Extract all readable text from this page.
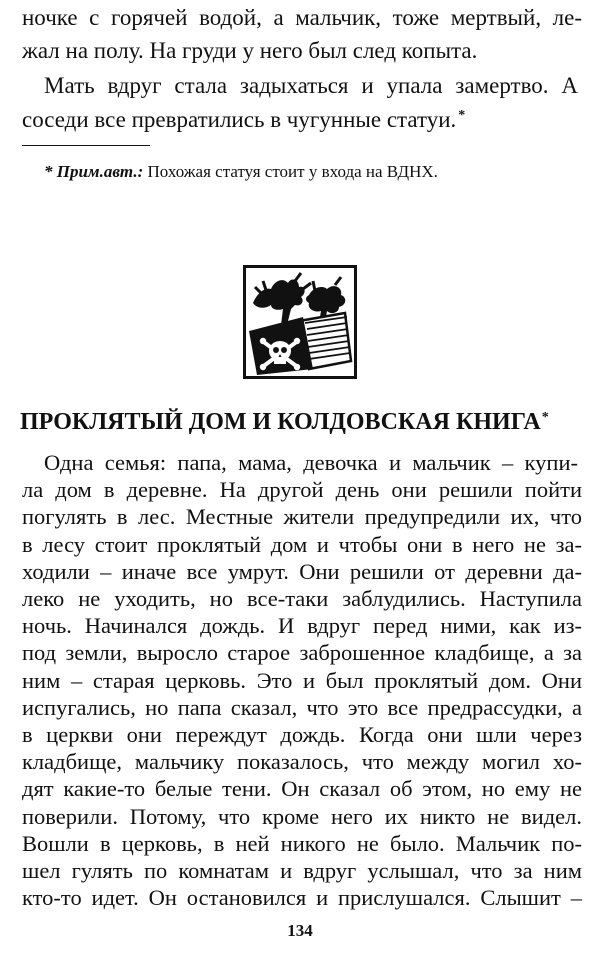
ночке с горячей водой, а мальчик, тоже мертвый, ле-
жал на полу. На груди у него был след копыта.
Мать вдруг стала задыхаться и упала замертво. А
соседи все превратились в чугунные статуи. *
* Прим.авт.: Похожая статуя стоит у входа на ВДНХ.
ПРОКЛЯТЫЙ ДОМ И КОЛДОВСКАЯ КНИГА*
Одна семья: папа, мама, девочка и мальчик – купи-
ла дом в деревне. На другой день они решили пойти
погулять в лес. Местные жители предупредили их, что
в лесу стоит проклятый дом и чтобы они в него не за-
ходили – иначе все умрут. Они решили от деревни да-
леко не уходить, но все-таки заблудились. Наступила
ночь. Начинался дождь. И вдруг перед ними, как из-
под земли, выросло старое заброшенное кладбище, а за
ним – старая церковь. Это и был проклятый дом. Они
испугались, но папа сказал, что это все предрассудки, а
в церкви они переждут дождь. Когда они шли через
кладбище, мальчику показалось, что между могил хо-
дят какие-то белые тени. Он сказал об этом, но ему не
поверили. Потому, что кроме него их никто не видел.
Вошли в церковь, в ней никого не было. Мальчик по-
шел гулять по комнатам и вдруг услышал, что за ним
кто-то идет. Он остановился и прислушался. Слышит –
134
